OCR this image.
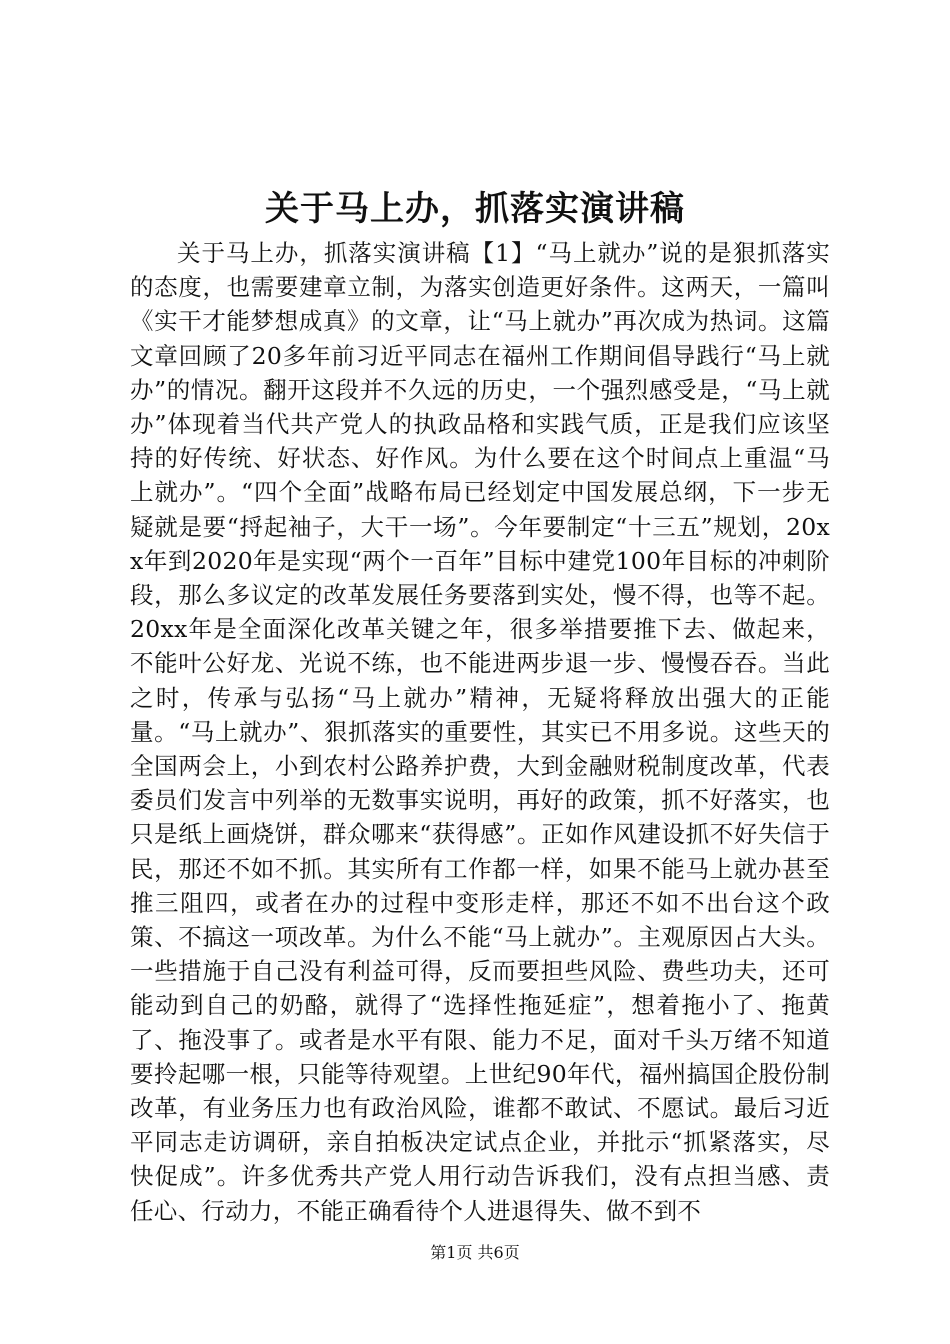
关于马上办，抓落实演讲稿

关于马上办，抓落实演讲稿【1】“马上就办”说的是狠抓落实的态度，也需要建章立制，为落实创造更好条件。这两天，一篇叫《实干才能梦想成真》的文章，让“马上就办”再次成为热词。这篇文章回顾了20多年前习近平同志在福州工作期间倡导践行“马上就办”的情况。翻开这段并不久远的历史，一个强烈感受是，“马上就办”体现着当代共产党人的执政品格和实践气质，正是我们应该坚持的好传统、好状态、好作风。为什么要在这个时间点上重温“马上就办”。“四个全面”战略布局已经划定中国发展总纲，下一步无疑就是要“捋起袖子，大干一场”。今年要制定“十三五”规划，20xx年到2020年是实现“两个一百年”目标中建党100年目标的冲刺阶段，那么多议定的改革发展任务要落到实处，慢不得，也等不起。20xx年是全面深化改革关键之年，很多举措要推下去、做起来，不能叶公好龙、光说不练，也不能进两步退一步、慢慢吞吞。当此之时，传承与弘扬“马上就办”精神，无疑将释放出强大的正能量。“马上就办”、狠抓落实的重要性，其实已不用多说。这些天的全国两会上，小到农村公路养护费，大到金融财税制度改革，代表委员们发言中列举的无数事实说明，再好的政策，抓不好落实，也只是纸上画烧饼，群众哪来“获得感”。正如作风建设抓不好失信于民，那还不如不抓。其实所有工作都一样，如果不能马上就办甚至推三阻四，或者在办的过程中变形走样，那还不如不出台这个政策、不搞这一项改革。为什么不能“马上就办”。主观原因占大头。一些措施于自己没有利益可得，反而要担些风险、费些功夫，还可能动到自己的奶酪，就得了“选择性拖延症”，想着拖小了、拖黄了、拖没事了。或者是水平有限、能力不足，面对千头万绪不知道要拎起哪一根，只能等待观望。上世纪90年代，福州搞国企股份制改革，有业务压力也有政治风险，谁都不敢试、不愿试。最后习近平同志走访调研，亲自拍板决定试点企业，并批示“抓紧落实，尽快促成”。许多优秀共产党人用行动告诉我们，没有点担当感、责任心、行动力，不能正确看待个人进退得失、做不到不

第1页 共6页
